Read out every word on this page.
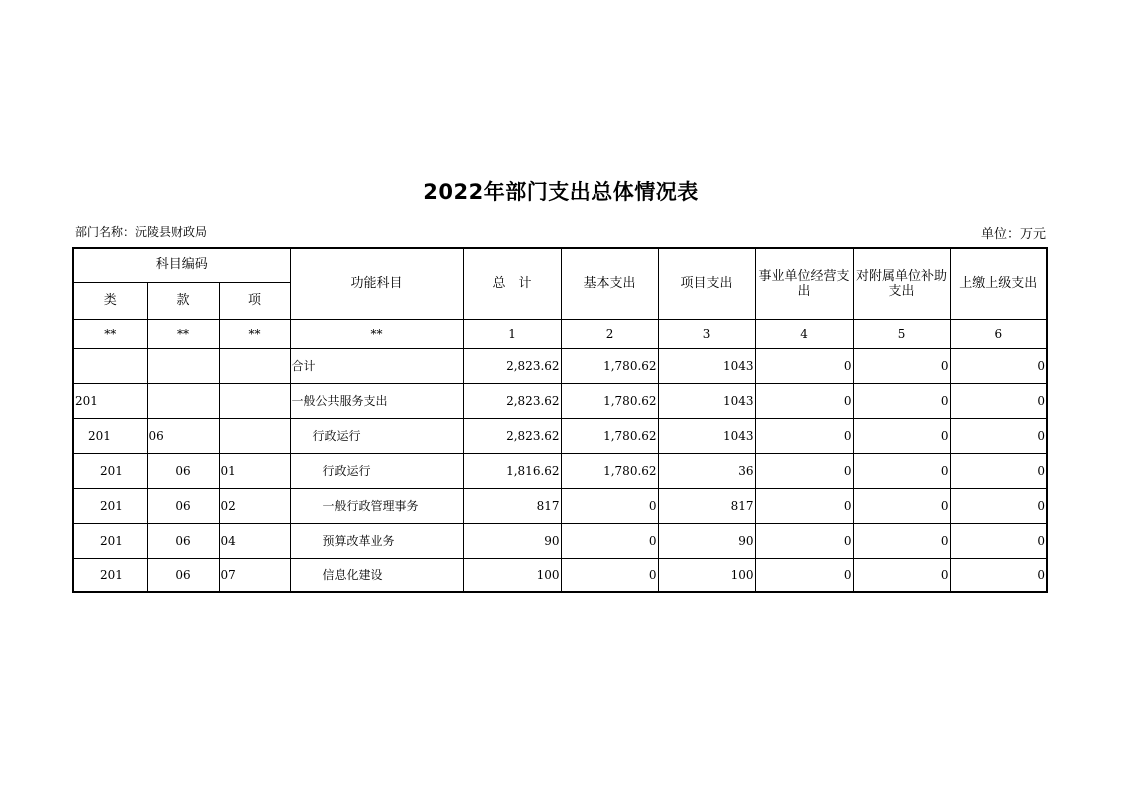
2022年部门支出总体情况表
部门名称：沅陵县财政局	单位：万元
科目编码			功能科目	总　计	基本支出	项目支出	事业单位经营支出	对附属单位补助支出	上缴上级支出
类	款	项							
**	**	**	**	1	2	3	4	5	6
			合计	2,823.62	1,780.62	1043	0	0	0
201			一般公共服务支出	2,823.62	1,780.62	1043	0	0	0
201	06		行政运行	2,823.62	1,780.62	1043	0	0	0
201	06	01	行政运行	1,816.62	1,780.62	36	0	0	0
201	06	02	一般行政管理事务	817	0	817	0	0	0
201	06	04	预算改革业务	90	0	90	0	0	0
201	06	07	信息化建设	100	0	100	0	0	0
